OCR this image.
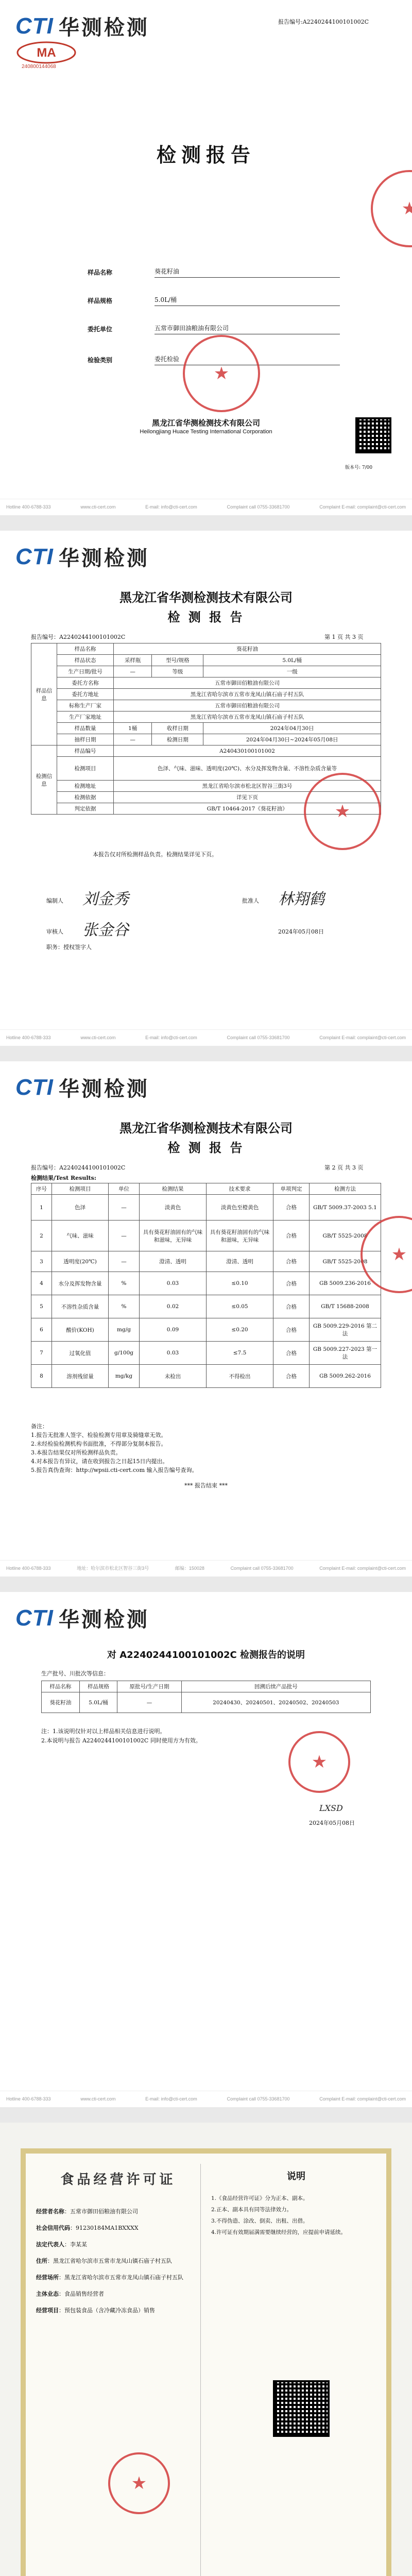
CTI 华测检测	报告编号:A2240244100101002C
MA
240800144068
检测报告
样品名称	葵花籽油
样品规格	5.0L/桶
委托单位	五常市御田油粮油有限公司
检验类别	委托检验
★
★
黑龙江省华测检测技术有限公司
Heilongjiang Huace Testing International Corporation
版本号: 7/00
Hotline 400-6788-333	www.cti-cert.com	E-mail: info@cti-cert.com	Complaint call 0755-33681700	Complaint E-mail: complaint@cti-cert.com
CTI 华测检测
黑龙江省华测检测技术有限公司
检 测 报 告
报告编号：A2240244100101002C	第 1 页 共 3 页
样品信息	样品名称	葵花籽油		
	样品状态	采样瓶	型号/规格	5.0L/桶
	生产日期/批号	—	等级	一级
	委托方名称	五常市御田佰粮油有限公司		
	委托方地址	黑龙江省哈尔滨市五常市龙凤山镇石庙子村五队		
	标称生产厂家	五常市御田佰粮油有限公司		
	生产厂家地址	黑龙江省哈尔滨市五常市龙凤山镇石庙子村五队		
	样品数量	1桶	收样日期	2024年04月30日
	抽样日期	—	检测日期	2024年04月30日~2024年05月08日
检测信息	样品编号	A240430100101002		
	检测项目	色泽、气味、滋味、透明度(20℃)、水分及挥发物含量、不溶性杂质含量等		
	检测地址	黑龙江省哈尔滨市松北区智谷三街3号		
	检测依据	详见下页		
	判定依据	GB/T 10464-2017《葵花籽油》		
本报告仅对所检测样品负责。检测结果详见下页。
★
编制人 刘金秀
审核人 张金谷
批准人 林翔鹤
2024年05月08日
职务：授权签字人
Hotline 400-6788-333	www.cti-cert.com	E-mail: info@cti-cert.com	Complaint call 0755-33681700	Complaint E-mail: complaint@cti-cert.com
CTI 华测检测
黑龙江省华测检测技术有限公司
检 测 报 告
报告编号：A2240244100101002C	第 2 页 共 3 页
检测结果/Test Results:
序号	检测项目	单位	检测结果	技术要求	单项判定	检测方法
1	色泽	—	淡黄色	淡黄色至橙黄色	合格	GB/T 5009.37-2003 5.1
2	气味、滋味	—	具有葵花籽油固有的气味和滋味，无异味	具有葵花籽油固有的气味和滋味，无异味	合格	GB/T 5525-2008
3	透明度(20℃)	—	澄清、透明	澄清、透明	合格	GB/T 5525-2008
4	水分及挥发物含量	%	0.03	≤0.10	合格	GB 5009.236-2016
5	不溶性杂质含量	%	0.02	≤0.05	合格	GB/T 15688-2008
6	酸价(KOH)	mg/g	0.09	≤0.20	合格	GB 5009.229-2016 第二法
7	过氧化值	g/100g	0.03	≤7.5	合格	GB 5009.227-2023 第一法
8	溶剂残留量	mg/kg	未检出	不得检出	合格	GB 5009.262-2016
★
备注：
1.报告无批准人签字、检验检测专用章及骑缝章无效。
2.未经检验检测机构书面批准，不得部分复制本报告。
3.本报告结果仅对所检测样品负责。
4.对本报告有异议，请在收到报告之日起15日内提出。
5.报告真伪查询：http://wpsii.cti-cert.com 输入报告编号查询。
*** 报告结束 ***
Hotline 400-6788-333	地址：哈尔滨市松北区智谷三街3号	邮编：150028	Complaint call 0755-33681700	Complaint E-mail: complaint@cti-cert.com
CTI 华测检测
对 A2240244100101002C 检测报告的说明
生产批号、川批次等信息：
样品名称	样品规格	原批号/生产日期	回溯后续产品批号
葵花籽油	5.0L/桶	—	20240430、20240501、20240502、20240503
注：1.该说明仅针对以上样品相关信息进行说明。
2.本说明与报告 A2240244100101002C 同时使用方为有效。
★
LXSD
2024年05月08日
Hotline 400-6788-333	www.cti-cert.com	E-mail: info@cti-cert.com	Complaint call 0755-33681700	Complaint E-mail: complaint@cti-cert.com
食品经营许可证
经营者名称：五常市御田佰粮油有限公司
社会信用代码：91230184MA1BXXXX
法定代表人：李某某
住所：黑龙江省哈尔滨市五常市龙凤山镇石庙子村五队
经营场所：黑龙江省哈尔滨市五常市龙凤山镇石庙子村五队
主体业态：食品销售经营者
经营项目：预包装食品（含冷藏冷冻食品）销售
★
说明
1.《食品经营许可证》分为正本、副本。
2.正本、副本具有同等法律效力。
3.不得伪造、涂改、倒卖、出租、出借。
4.许可证有效期届满需要继续经营的，应提前申请延续。
